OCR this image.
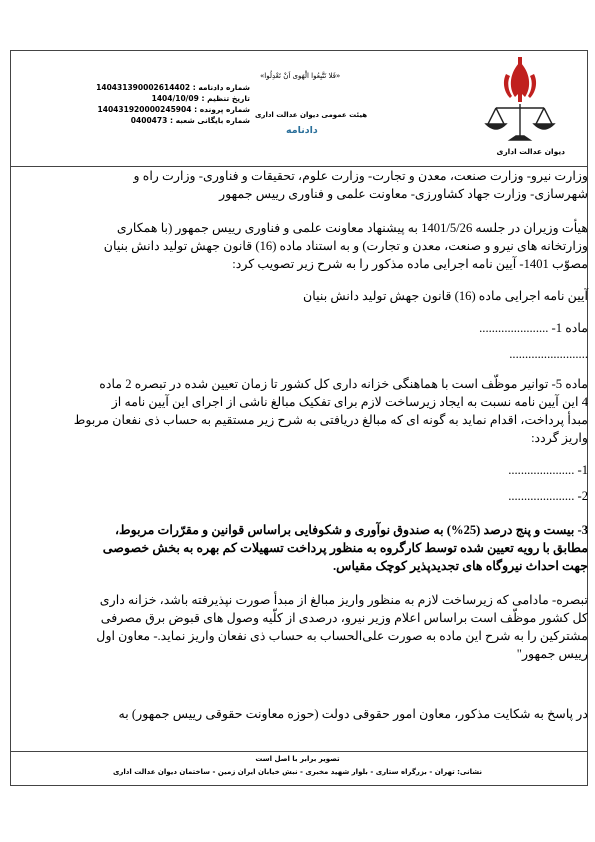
دیوان عدالت اداری
«فَلا تَتَّبِعُوا الْهَوى اَنْ تَعْدِلُوا»
هیئت عمومی دیوان عدالت اداری
دادنامه
شماره دادنامه : 140431390002614402
تاریخ تنظیم : 1404/10/09
شماره پرونده : 140431920000245904
شماره بایگانی شعبه : 0400473
وزارت نیرو- وزارت صنعت، معدن و تجارت- وزارت علوم، تحقیقات و فناوری- وزارت راه و
شهرسازی- وزارت جهاد کشاورزی- معاونت علمی و فناوری رییس جمهور
هیأت وزیران در جلسه 1401/5/26 به پیشنهاد معاونت علمی و فناوری رییس جمهور (با همکاری
وزارتخانه های نیرو و صنعت، معدن و تجارت) و به استناد ماده (16) قانون جهش تولید دانش بنیان
مصوّب 1401- آیین نامه اجرایی ماده مذکور را به شرح زیر تصویب کرد:
آیین نامه اجرایی ماده (16) قانون جهش تولید دانش بنیان
ماده 1- ......................
.........................
ماده 5- توانیر موظّف است با هماهنگی خزانه داری کل کشور تا زمان تعیین شده در تبصره 2 ماده
4 این آیین نامه نسبت به ایجاد زیرساخت لازم برای تفکیک مبالغ ناشی از اجرای این آیین نامه از
مبدأ پرداخت، اقدام نماید به گونه ای که مبالغ دریافتی به شرح زیر مستقیم به حساب ذی نفعان مربوط
واریز گردد:
1- .....................
2- .....................
3- بیست و پنج درصد (25%) به صندوق نوآوری و شکوفایی براساس قوانین و مقرّرات مربوط،
مطابق با رویه تعیین شده توسط کارگروه به منظور پرداخت تسهیلات کم بهره به بخش خصوصی
جهت احداث نیروگاه های تجدیدپذیر کوچک مقیاس.
تبصره- مادامی که زیرساخت لازم به منظور واریز مبالغ از مبدأ صورت نپذیرفته باشد، خزانه داری
کل کشور موظّف است براساس اعلام وزیر نیرو، درصدی از کلّیه وصول های قبوض برق مصرفی
مشترکین را به شرح این ماده به صورت علی‌الحساب به حساب ذی نفعان واریز نماید.- معاون اول
رییس جمهور"
در پاسخ به شکایت مذکور، معاون امور حقوقی دولت (حوزه معاونت حقوقی رییس جمهور) به
تصویر برابر با اصل است
نشانی: تهران - بزرگراه ستاری - بلوار شهید مخبری - نبش خیابان ایران زمین - ساختمان دیوان عدالت اداری
